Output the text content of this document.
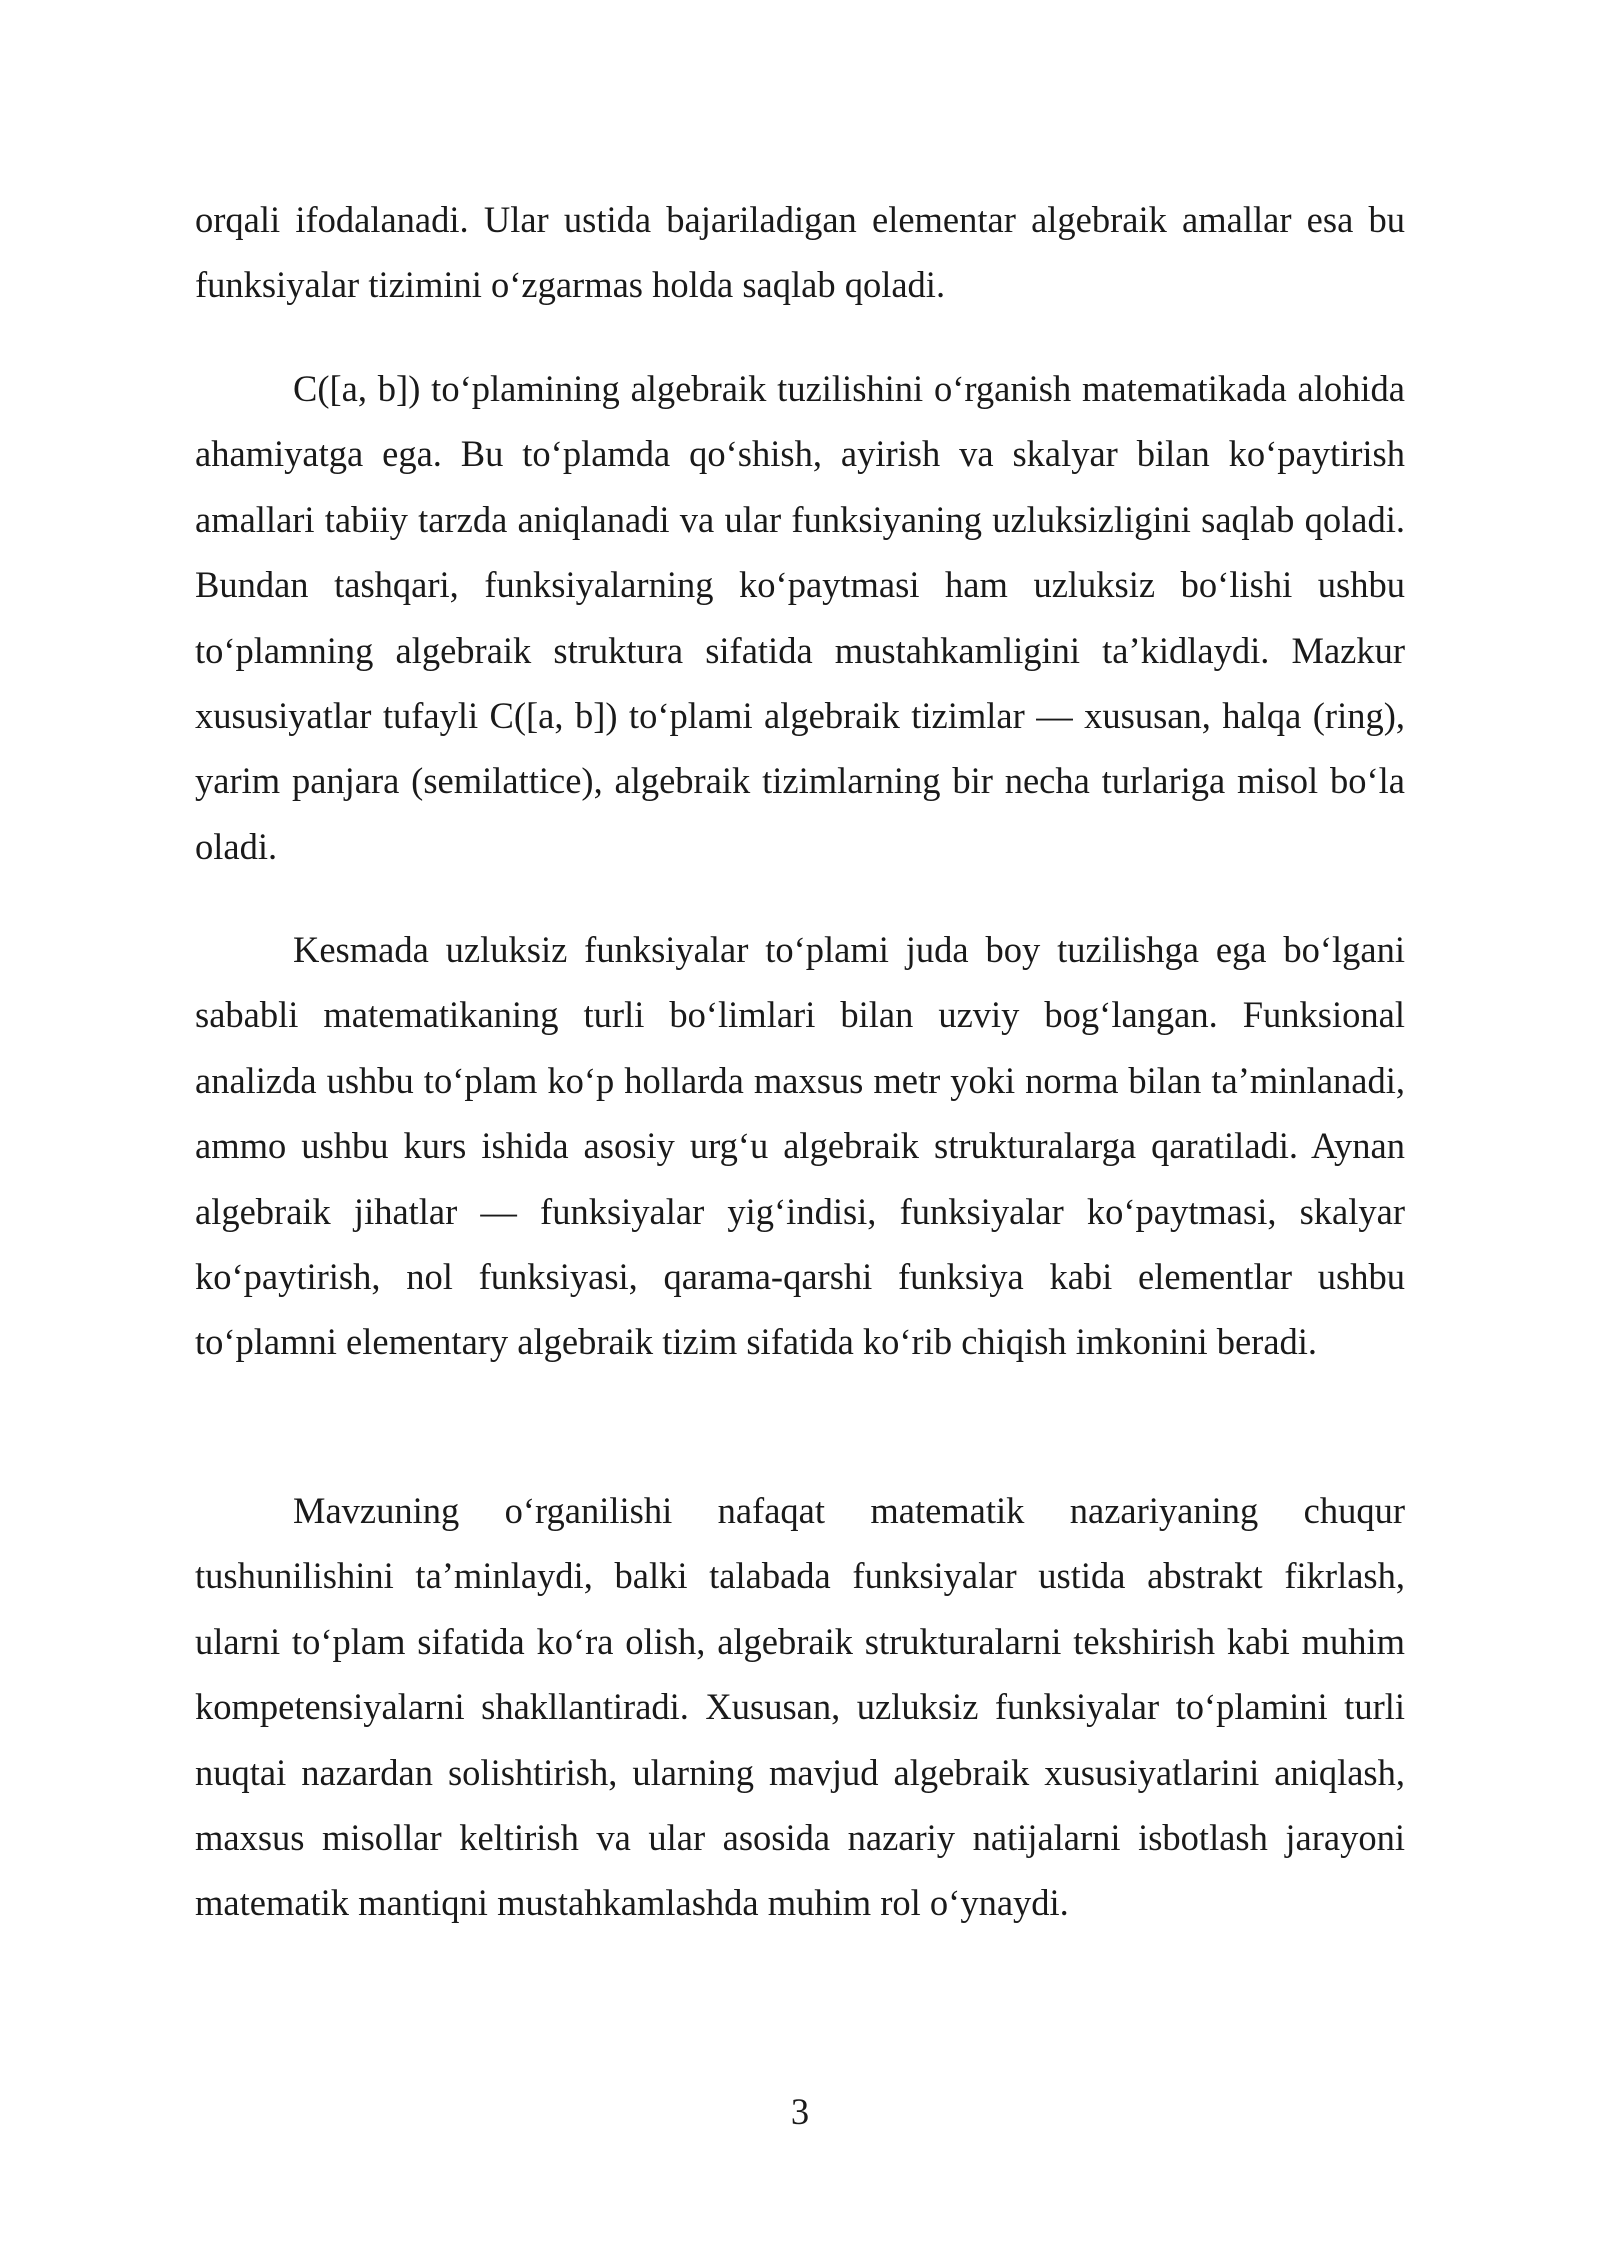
orqali ifodalanadi. Ular ustida bajariladigan elementar algebraik amallar esa bu funksiyalar tizimini o‘zgarmas holda saqlab qoladi.

C([a, b]) to‘plamining algebraik tuzilishini o‘rganish matematikada alohida ahamiyatga ega. Bu to‘plamda qo‘shish, ayirish va skalyar bilan ko‘paytirish amallari tabiiy tarzda aniqlanadi va ular funksiyaning uzluksizligini saqlab qoladi. Bundan tashqari, funksiyalarning ko‘paytmasi ham uzluksiz bo‘lishi ushbu to‘plamning algebraik struktura sifatida mustahkamligini ta’kidlaydi. Mazkur xususiyatlar tufayli C([a, b]) to‘plami algebraik tizimlar — xususan, halqa (ring), yarim panjara (semilattice), algebraik tizimlarning bir necha turlariga misol bo‘la oladi.

Kesmada uzluksiz funksiyalar to‘plami juda boy tuzilishga ega bo‘lgani sababli matematikaning turli bo‘limlari bilan uzviy bog‘langan. Funksional analizda ushbu to‘plam ko‘p hollarda maxsus metr yoki norma bilan ta’minlanadi, ammo ushbu kurs ishida asosiy urg‘u algebraik strukturalarga qaratiladi. Aynan algebraik jihatlar — funksiyalar yig‘indisi, funksiyalar ko‘paytmasi, skalyar ko‘paytirish, nol funksiyasi, qarama-qarshi funksiya kabi elementlar ushbu to‘plamni elementary algebraik tizim sifatida ko‘rib chiqish imkonini beradi.

Mavzuning o‘rganilishi nafaqat matematik nazariyaning chuqur tushunilishini ta’minlaydi, balki talabada funksiyalar ustida abstrakt fikrlash, ularni to‘plam sifatida ko‘ra olish, algebraik strukturalarni tekshirish kabi muhim kompetensiyalarni shakllantiradi. Xususan, uzluksiz funksiyalar to‘plamini turli nuqtai nazardan solishtirish, ularning mavjud algebraik xususiyatlarini aniqlash, maxsus misollar keltirish va ular asosida nazariy natijalarni isbotlash jarayoni matematik mantiqni mustahkamlashda muhim rol o‘ynaydi.

3
